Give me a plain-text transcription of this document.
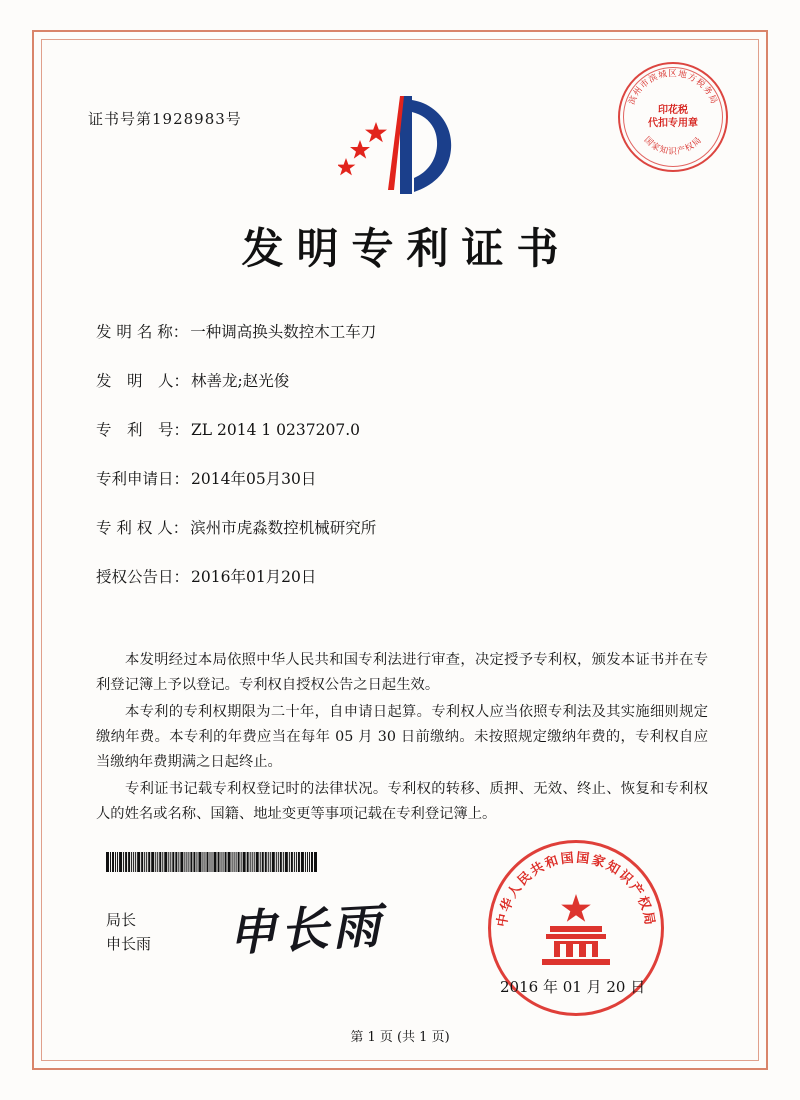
证书号第1928983号
滨州市滨城区地方税务局
国家知识产权局
印花税
代扣专用章
发明专利证书
发 明 名 称： 一种调高换头数控木工车刀
发　明　人： 林善龙;赵光俊
专　利　号： ZL 2014 1 0237207.0
专利申请日： 2014年05月30日
专 利 权 人： 滨州市虎淼数控机械研究所
授权公告日： 2016年01月20日

本发明经过本局依照中华人民共和国专利法进行审查，决定授予专利权，颁发本证书并在专利登记簿上予以登记。专利权自授权公告之日起生效。

本专利的专利权期限为二十年，自申请日起算。专利权人应当依照专利法及其实施细则规定缴纳年费。本专利的年费应当在每年 05 月 30 日前缴纳。未按照规定缴纳年费的，专利权自应当缴纳年费期满之日起终止。

专利证书记载专利权登记时的法律状况。专利权的转移、质押、无效、终止、恢复和专利权人的姓名或名称、国籍、地址变更等事项记载在专利登记簿上。

局长
申长雨 申长雨	中华人民共和国国家知识产权局
2016 年 01 月 20 日
第 1 页 (共 1 页)
